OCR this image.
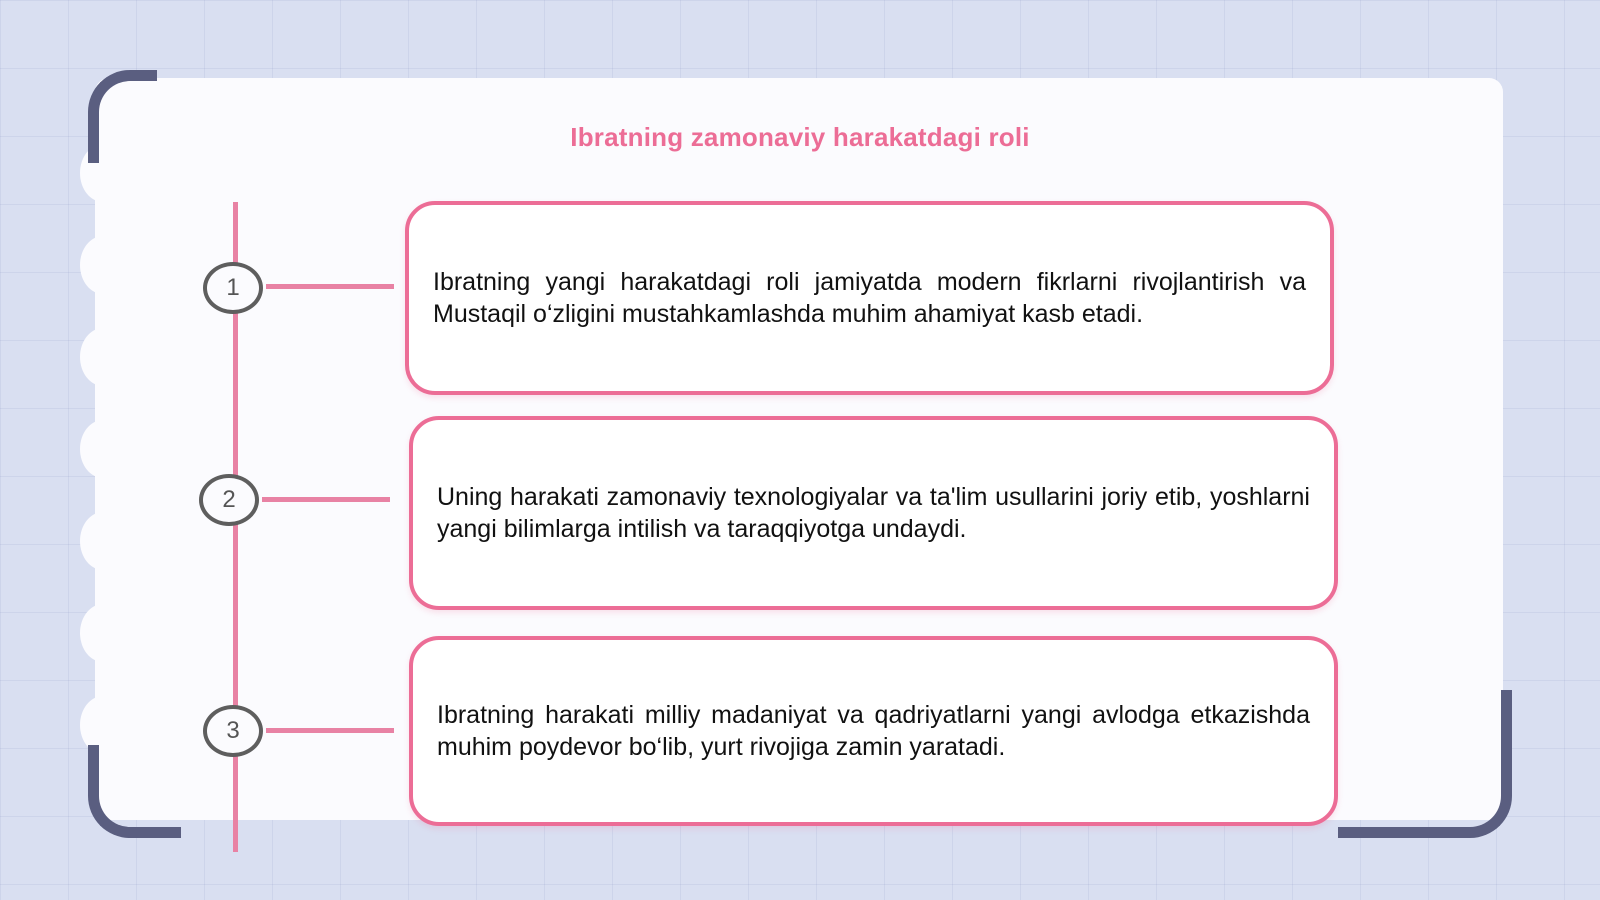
Ibratning zamonaviy harakatdagi roli
1	Ibratning yangi harakatdagi roli jamiyatda modern fikrlarni rivojlantirish va Mustaqil o‘zligini mustahkamlashda muhim ahamiyat kasb etadi.

2	Uning harakati zamonaviy texnologiyalar va ta'lim usullarini joriy etib, yoshlarni yangi bilimlarga intilish va taraqqiyotga undaydi.

3

Ibratning harakati milliy madaniyat va qadriyatlarni yangi avlodga etkazishda muhim poydevor bo‘lib, yurt rivojiga zamin yaratadi.
